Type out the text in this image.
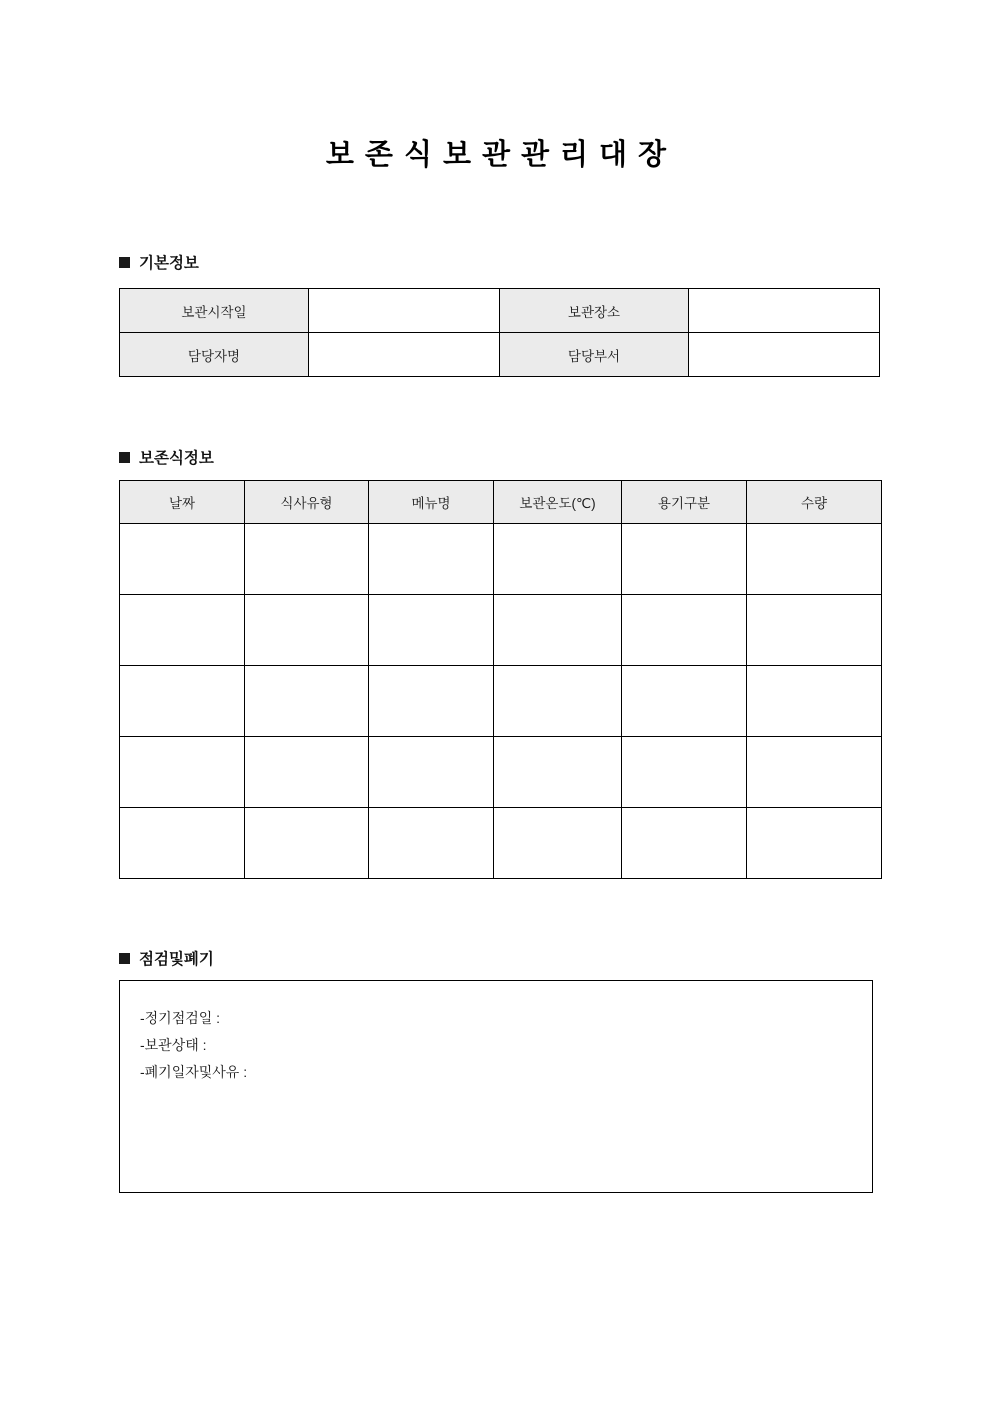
보존식보관관리대장
기본정보
보관시작일		보관장소	
담당자명		담당부서	
보존식정보
날짜	식사유형	메뉴명	보관온도(℃)	용기구분	수량

점검및폐기
-정기점검일 :
-보관상태 :
-폐기일자및사유 :
